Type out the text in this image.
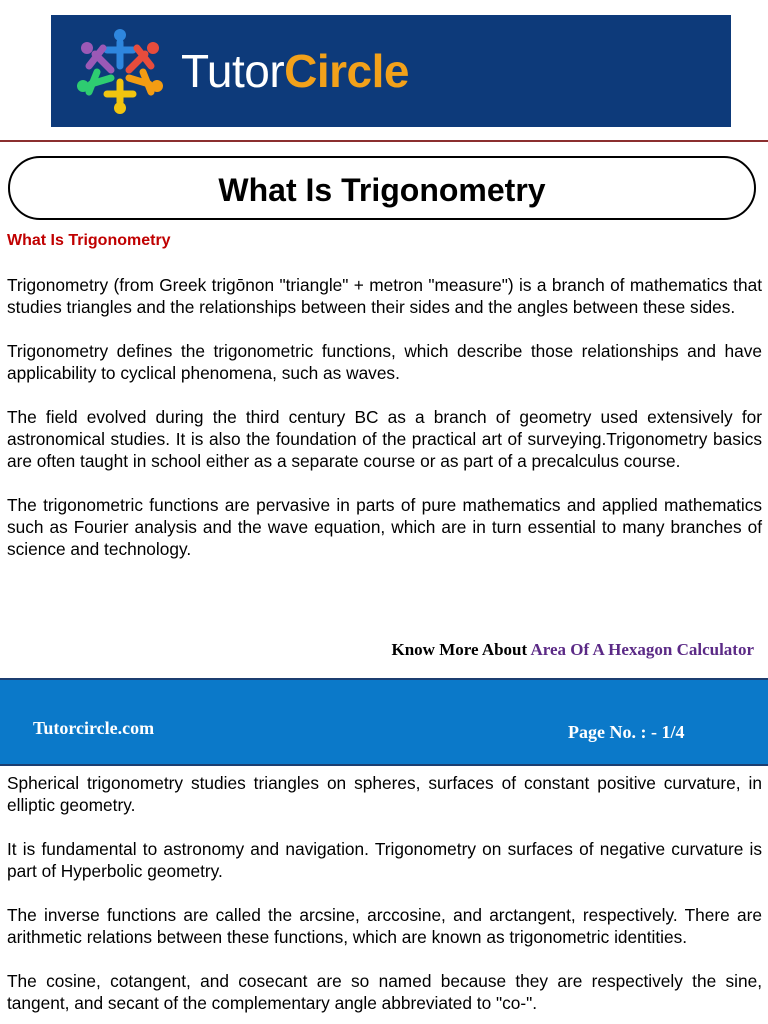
TutorCircle
What Is Trigonometry
What Is Trigonometry

Trigonometry (from Greek trigōnon "triangle" + metron "measure") is a branch of mathematics that studies triangles and the relationships between their sides and the angles between these sides.

Trigonometry defines the trigonometric functions, which describe those relationships and have applicability to cyclical phenomena, such as waves.

The field evolved during the third century BC as a branch of geometry used extensively for astronomical studies. It is also the foundation of the practical art of surveying.Trigonometry basics are often taught in school either as a separate course or as part of a precalculus course.

The trigonometric functions are pervasive in parts of pure mathematics and applied mathematics such as Fourier analysis and the wave equation, which are in turn essential to many branches of science and technology.

Know More About Area Of A Hexagon Calculator
Tutorcircle.com	Page No. : - 1/4

Spherical trigonometry studies triangles on spheres, surfaces of constant positive curvature, in elliptic geometry.

It is fundamental to astronomy and navigation. Trigonometry on surfaces of negative curvature is part of Hyperbolic geometry.

The inverse functions are called the arcsine, arccosine, and arctangent, respectively. There are arithmetic relations between these functions, which are known as trigonometric identities.

The cosine, cotangent, and cosecant are so named because they are respectively the sine, tangent, and secant of the complementary angle abbreviated to "co-".
